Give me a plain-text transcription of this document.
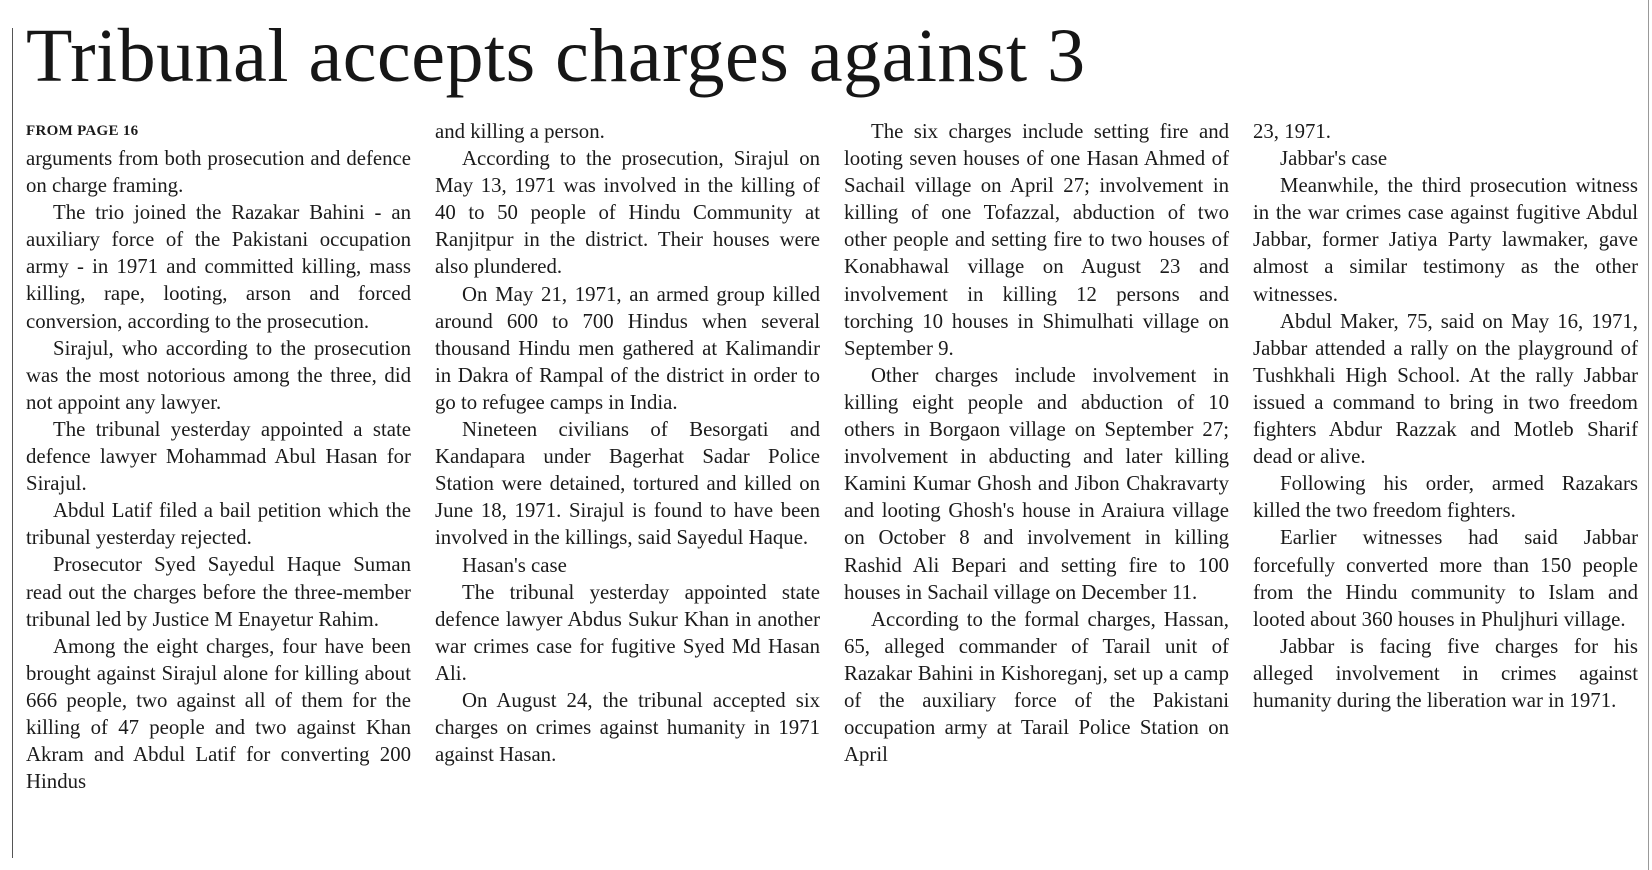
Tribunal accepts charges against 3
FROM PAGE 16

arguments from both prosecution and defence on charge framing.

The trio joined the Razakar Bahini - an auxiliary force of the Pakistani occupation army - in 1971 and committed killing, mass killing, rape, looting, arson and forced conversion, according to the prosecution.

Sirajul, who according to the prosecution was the most notorious among the three, did not appoint any lawyer.

The tribunal yesterday appointed a state defence lawyer Mohammad Abul Hasan for Sirajul.

Abdul Latif filed a bail petition which the tribunal yesterday rejected.

Prosecutor Syed Sayedul Haque Suman read out the charges before the three-member tribunal led by Justice M Enayetur Rahim.

Among the eight charges, four have been brought against Sirajul alone for killing about 666 people, two against all of them for the killing of 47 people and two against Khan Akram and Abdul Latif for converting 200 Hindus

and killing a person.

According to the prosecution, Sirajul on May 13, 1971 was involved in the killing of 40 to 50 people of Hindu Community at Ranjitpur in the district. Their houses were also plundered.

On May 21, 1971, an armed group killed around 600 to 700 Hindus when several thousand Hindu men gathered at Kalimandir in Dakra of Rampal of the district in order to go to refugee camps in India.

Nineteen civilians of Besorgati and Kandapara under Bagerhat Sadar Police Station were detained, tortured and killed on June 18, 1971. Sirajul is found to have been involved in the killings, said Sayedul Haque.

Hasan's case

The tribunal yesterday appointed state defence lawyer Abdus Sukur Khan in another war crimes case for fugitive Syed Md Hasan Ali.

On August 24, the tribunal accepted six charges on crimes against humanity in 1971 against Hasan.

The six charges include setting fire and looting seven houses of one Hasan Ahmed of Sachail village on April 27; involvement in killing of one Tofazzal, abduction of two other people and setting fire to two houses of Konabhawal village on August 23 and involvement in killing 12 persons and torching 10 houses in Shimulhati village on September 9.

Other charges include involvement in killing eight people and abduction of 10 others in Borgaon village on September 27; involvement in abducting and later killing Kamini Kumar Ghosh and Jibon Chakravarty and looting Ghosh's house in Araiura village on October 8 and involvement in killing Rashid Ali Bepari and setting fire to 100 houses in Sachail village on December 11.

According to the formal charges, Hassan, 65, alleged commander of Tarail unit of Razakar Bahini in Kishoreganj, set up a camp of the auxiliary force of the Pakistani occupation army at Tarail Police Station on April

23, 1971.

Jabbar's case

Meanwhile, the third prosecution witness in the war crimes case against fugitive Abdul Jabbar, former Jatiya Party lawmaker, gave almost a similar testimony as the other witnesses.

Abdul Maker, 75, said on May 16, 1971, Jabbar attended a rally on the playground of Tushkhali High School. At the rally Jabbar issued a command to bring in two freedom fighters Abdur Razzak and Motleb Sharif dead or alive.

Following his order, armed Razakars killed the two freedom fighters.

Earlier witnesses had said Jabbar forcefully converted more than 150 people from the Hindu community to Islam and looted about 360 houses in Phuljhuri village.

Jabbar is facing five charges for his alleged involvement in crimes against humanity during the liberation war in 1971.
